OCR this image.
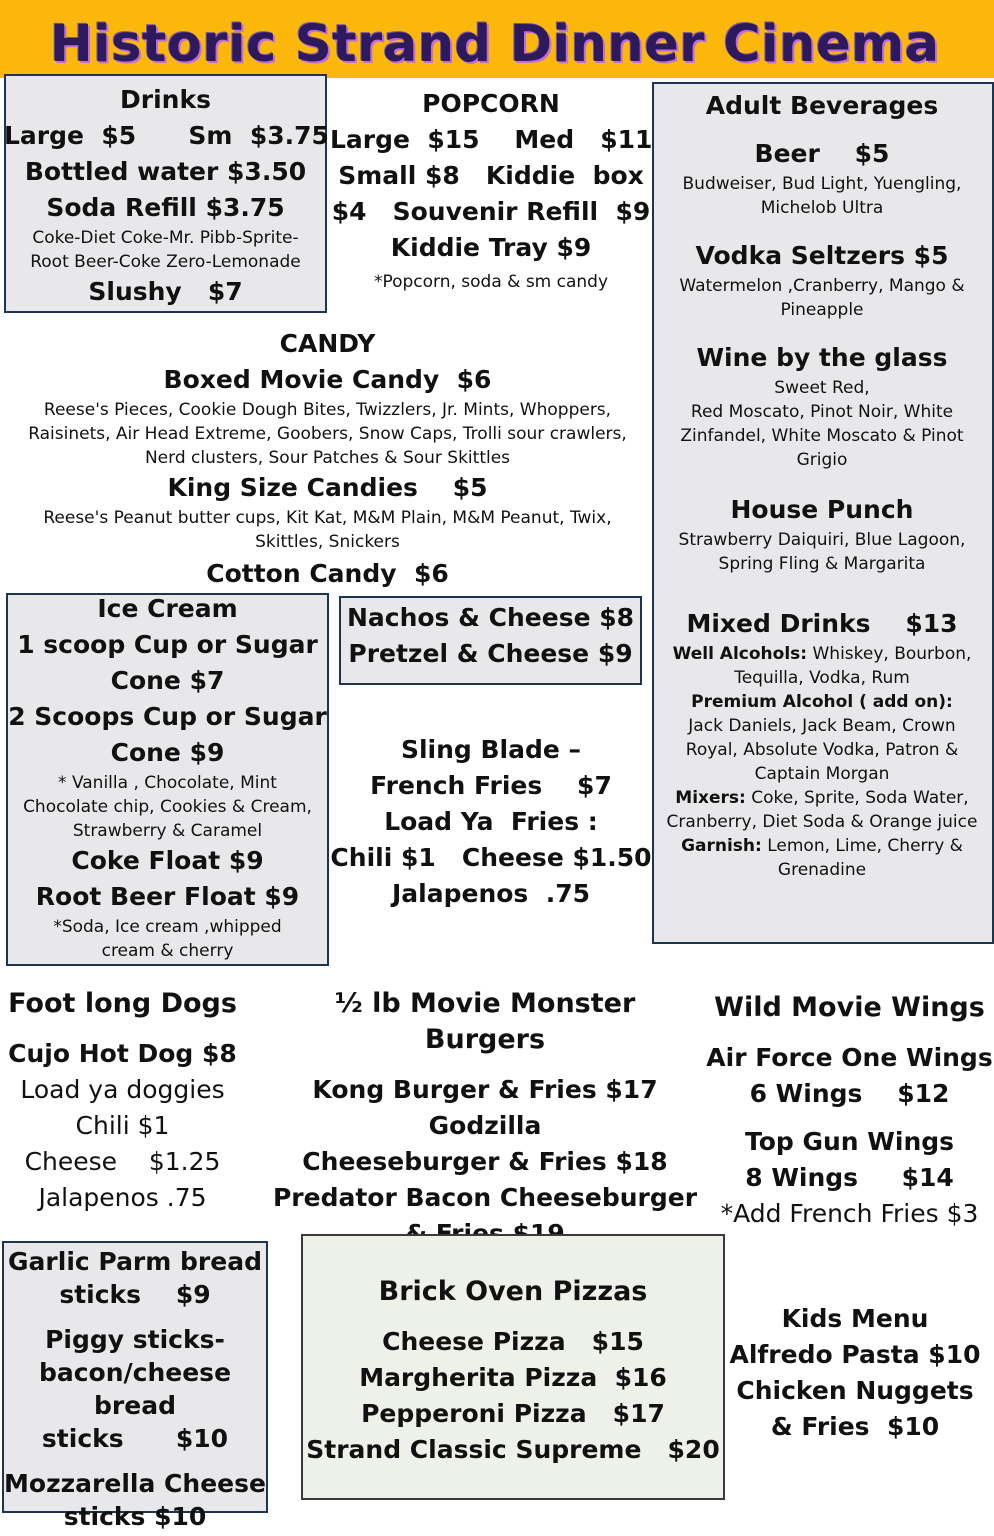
Historic Strand Dinner Cinema
Drinks
Large  $5      Sm  $3.75
Bottled water $3.50
Soda Refill $3.75
Coke-Diet Coke-Mr. Pibb-Sprite-
Root Beer-Coke Zero-Lemonade
Slushy   $7
POPCORN
Large  $15    Med   $11
Small $8   Kiddie  box
$4   Souvenir Refill  $9
Kiddie Tray $9
*Popcorn, soda & sm candy
Adult Beverages
Beer    $5
Budweiser, Bud Light, Yuengling,
Michelob Ultra
Vodka Seltzers $5
Watermelon ,Cranberry, Mango &
Pineapple
Wine by the glass
Sweet Red,
Red Moscato, Pinot Noir, White
Zinfandel, White Moscato & Pinot
Grigio
House Punch
Strawberry Daiquiri, Blue Lagoon,
Spring Fling & Margarita
Mixed Drinks    $13
Well Alcohols: Whiskey, Bourbon,
Tequilla, Vodka, Rum
Premium Alcohol ( add on):
Jack Daniels, Jack Beam, Crown
Royal, Absolute Vodka, Patron &
Captain Morgan
Mixers: Coke, Sprite, Soda Water,
Cranberry, Diet Soda & Orange juice
Garnish: Lemon, Lime, Cherry &
Grenadine
CANDY
Boxed Movie Candy  $6
Reese's Pieces, Cookie Dough Bites, Twizzlers, Jr. Mints, Whoppers,
Raisinets, Air Head Extreme, Goobers, Snow Caps, Trolli sour crawlers,
Nerd clusters, Sour Patches & Sour Skittles
King Size Candies    $5
Reese's Peanut butter cups, Kit Kat, M&M Plain, M&M Peanut, Twix,
Skittles, Snickers
Cotton Candy  $6
Ice Cream
1 scoop Cup or Sugar
Cone $7
2 Scoops Cup or Sugar
Cone $9
* Vanilla , Chocolate, Mint
Chocolate chip, Cookies & Cream,
Strawberry & Caramel
Coke Float $9
Root Beer Float $9
*Soda, Ice cream ,whipped
cream & cherry
Nachos & Cheese $8
Pretzel & Cheese $9
Sling Blade –
French Fries    $7
Load Ya  Fries :
Chili $1   Cheese $1.50
Jalapenos  .75
Foot long Dogs
Cujo Hot Dog $8
Load ya doggies
Chili $1
Cheese    $1.25
Jalapenos .75
½ lb Movie Monster Burgers
Kong Burger & Fries $17
Godzilla
Cheeseburger & Fries $18
Predator Bacon Cheeseburger
Wild Movie Wings
Air Force One Wings
6 Wings    $12
Top Gun Wings
8 Wings     $14
*Add French Fries $3
Garlic Parm bread
sticks    $9
Piggy sticks-
bacon/cheese bread
sticks      $10
Mozzarella Cheese
sticks $10
Brick Oven Pizzas
Cheese Pizza   $15
Margherita Pizza  $16
Pepperoni Pizza   $17
Strand Classic Supreme   $20
Kids Menu
Alfredo Pasta $10
Chicken Nuggets
& Fries  $10
